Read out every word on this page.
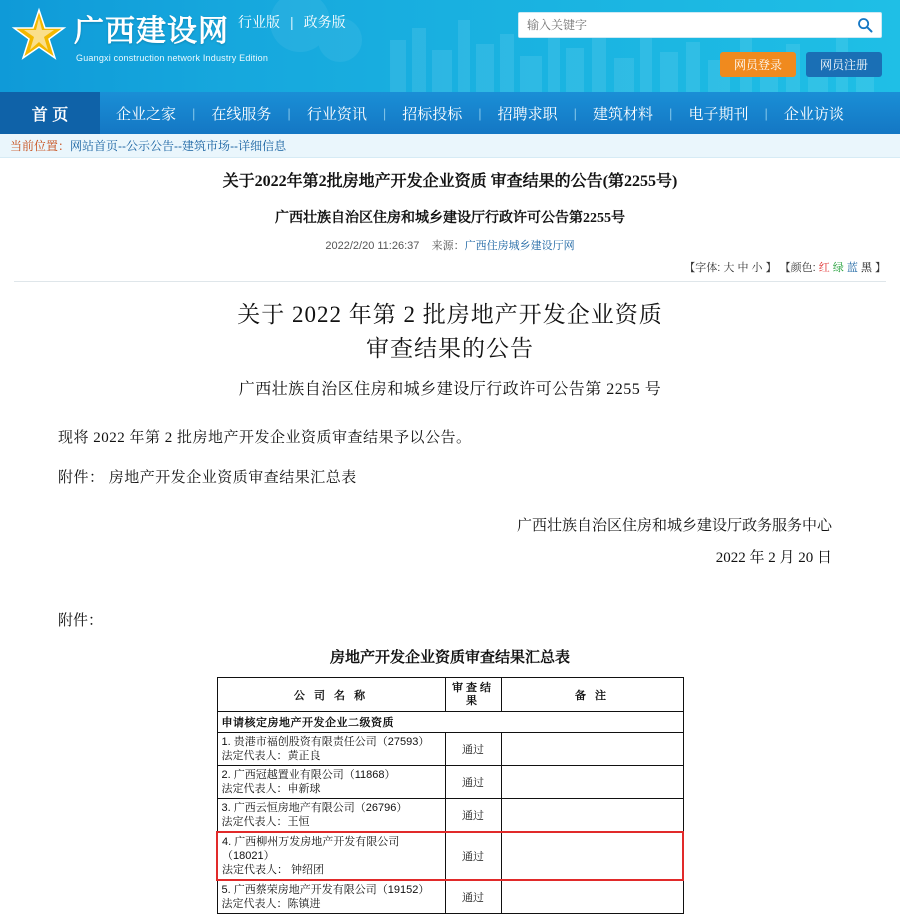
广西建设网
Guangxi construction network Industry Edition
行业版 | 政务版
输入关键字
网员登录	网员注册
首 页	企业之家	|	在线服务	|	行业资讯	|	招标投标	|	招聘求职	|	建筑材料	|	电子期刊	|	企业访谈
当前位置： 网站首页 -- 公示公告 -- 建筑市场 -- 详细信息
关于2022年第2批房地产开发企业资质 审查结果的公告(第2255号)
广西壮族自治区住房和城乡建设厅行政许可公告第2255号
2022/2/20 11:26:37 来源：广西住房城乡建设厅网
【字体: 大 中 小 】 【颜色: 红 绿 蓝 黑 】
关于 2022 年第 2 批房地产开发企业资质
审查结果的公告
广西壮族自治区住房和城乡建设厅行政许可公告第 2255 号
现将 2022 年第 2 批房地产开发企业资质审查结果予以公告。
附件： 房地产开发企业资质审查结果汇总表
广西壮族自治区住房和城乡建设厅政务服务中心
2022 年 2 月 20 日
附件：
房地产开发企业资质审查结果汇总表
公 司 名 称	审查结果	备 注
申请核定房地产开发企业二级资质		

1. 贵港市福创股资有限责任公司（27593）
法定代表人：黄正良	通过	

2. 广西冠越置业有限公司（11868）
法定代表人：申新球	通过	

3. 广西云恒房地产有限公司（26796）
法定代表人：王恒	通过	

4. 广西柳州万发房地产开发有限公司（18021）
法定代表人： 钟绍团	通过	

5. 广西蔡荣房地产开发有限公司（19152）
法定代表人：陈镇进	通过	
